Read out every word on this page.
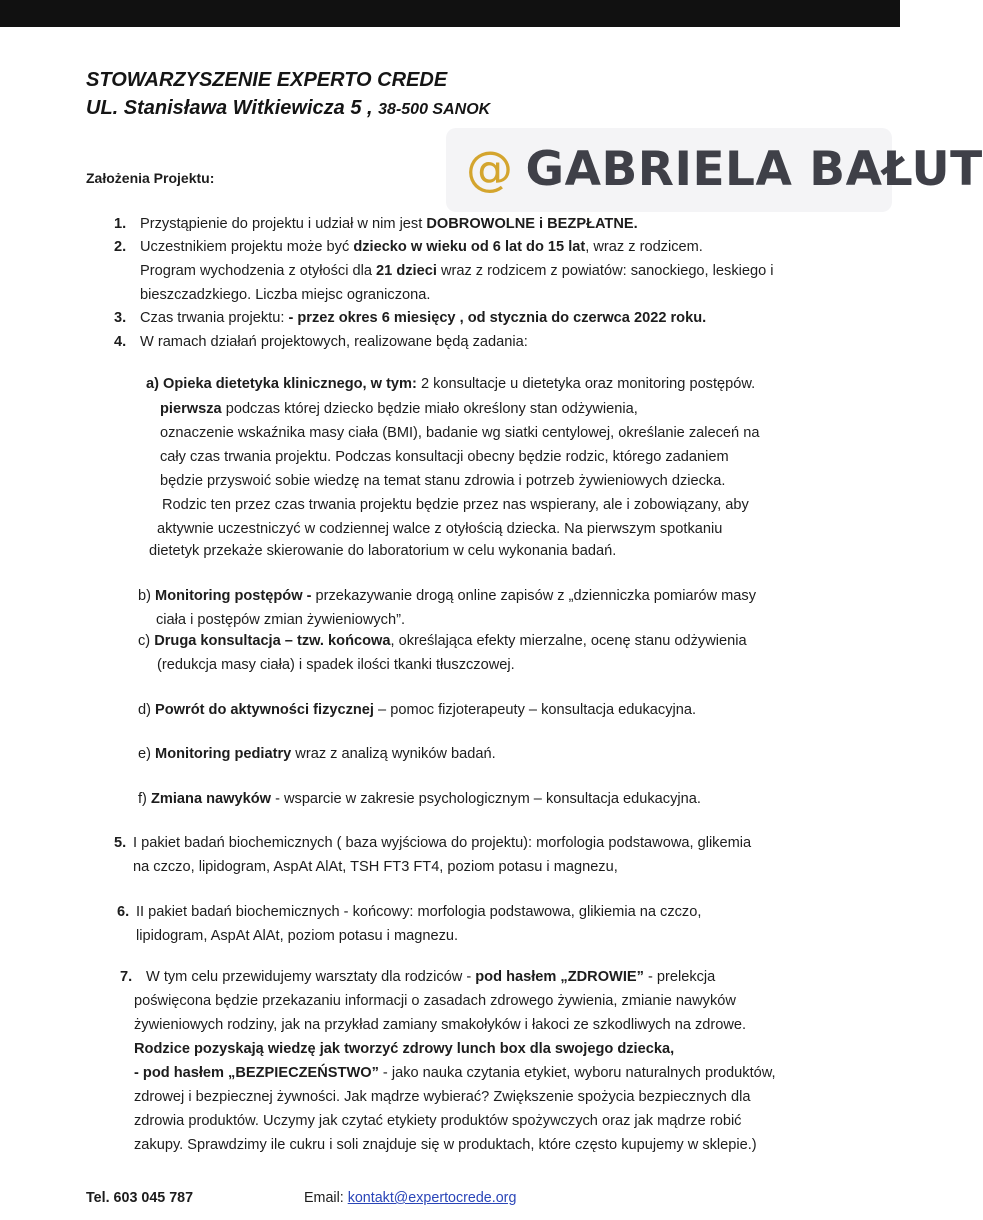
STOWARZYSZENIE EXPERTO CREDE
UL. Stanisława Witkiewicza 5 , 38-500 SANOK
@ GABRIELA BAŁUT
Założenia Projektu:
1. Przystąpienie do projektu i udział w nim jest DOBROWOLNE i BEZPŁATNE.

2. Uczestnikiem projektu może być dziecko w wieku od 6 lat do 15 lat, wraz z rodzicem.

Program wychodzenia z otyłości dla 21 dzieci wraz z rodzicem z powiatów: sanockiego, leskiego i

bieszczadzkiego. Liczba miejsc ograniczona.

3. Czas trwania projektu: - przez okres 6 miesięcy , od stycznia do czerwca 2022 roku.

4. W ramach działań projektowych, realizowane będą zadania:

a) Opieka dietetyka klinicznego, w tym: 2 konsultacje u dietetyka oraz monitoring postępów.

pierwsza podczas której dziecko będzie miało określony stan odżywienia,

oznaczenie wskaźnika masy ciała (BMI), badanie wg siatki centylowej, określanie zaleceń na

cały czas trwania projektu. Podczas konsultacji obecny będzie rodzic, którego zadaniem

będzie przyswoić sobie wiedzę na temat stanu zdrowia i potrzeb żywieniowych dziecka.

Rodzic ten przez czas trwania projektu będzie przez nas wspierany, ale i zobowiązany, aby

aktywnie uczestniczyć w codziennej walce z otyłością dziecka. Na pierwszym spotkaniu

dietetyk przekaże skierowanie do laboratorium w celu wykonania badań.

b) Monitoring postępów - przekazywanie drogą online zapisów z „dzienniczka pomiarów masy

ciała i postępów zmian żywieniowych”.

c) Druga konsultacja – tzw. końcowa, określająca efekty mierzalne, ocenę stanu odżywienia

(redukcja masy ciała) i spadek ilości tkanki tłuszczowej.

d) Powrót do aktywności fizycznej – pomoc fizjoterapeuty – konsultacja edukacyjna.

e) Monitoring pediatry wraz z analizą wyników badań.

f) Zmiana nawyków - wsparcie w zakresie psychologicznym – konsultacja edukacyjna.

5. I pakiet badań biochemicznych ( baza wyjściowa do projektu): morfologia podstawowa, glikemia

na czczo, lipidogram, AspAt AlAt, TSH FT3 FT4, poziom potasu i magnezu,

6. II pakiet badań biochemicznych - końcowy: morfologia podstawowa, glikiemia na czczo,

lipidogram, AspAt AlAt, poziom potasu i magnezu.

7. W tym celu przewidujemy warsztaty dla rodziców - pod hasłem „ZDROWIE” - prelekcja

poświęcona będzie przekazaniu informacji o zasadach zdrowego żywienia, zmianie nawyków

żywieniowych rodziny, jak na przykład zamiany smakołyków i łakoci ze szkodliwych na zdrowe.

Rodzice pozyskają wiedzę jak tworzyć zdrowy lunch box dla swojego dziecka,

- pod hasłem „BEZPIECZEŃSTWO” - jako nauka czytania etykiet, wyboru naturalnych produktów,

zdrowej i bezpiecznej żywności. Jak mądrze wybierać? Zwiększenie spożycia bezpiecznych dla

zdrowia produktów. Uczymy jak czytać etykiety produktów spożywczych oraz jak mądrze robić

zakupy. Sprawdzimy ile cukru i soli znajduje się w produktach, które często kupujemy w sklepie.)

Tel. 603 045 787	Email: kontakt@expertocrede.org
